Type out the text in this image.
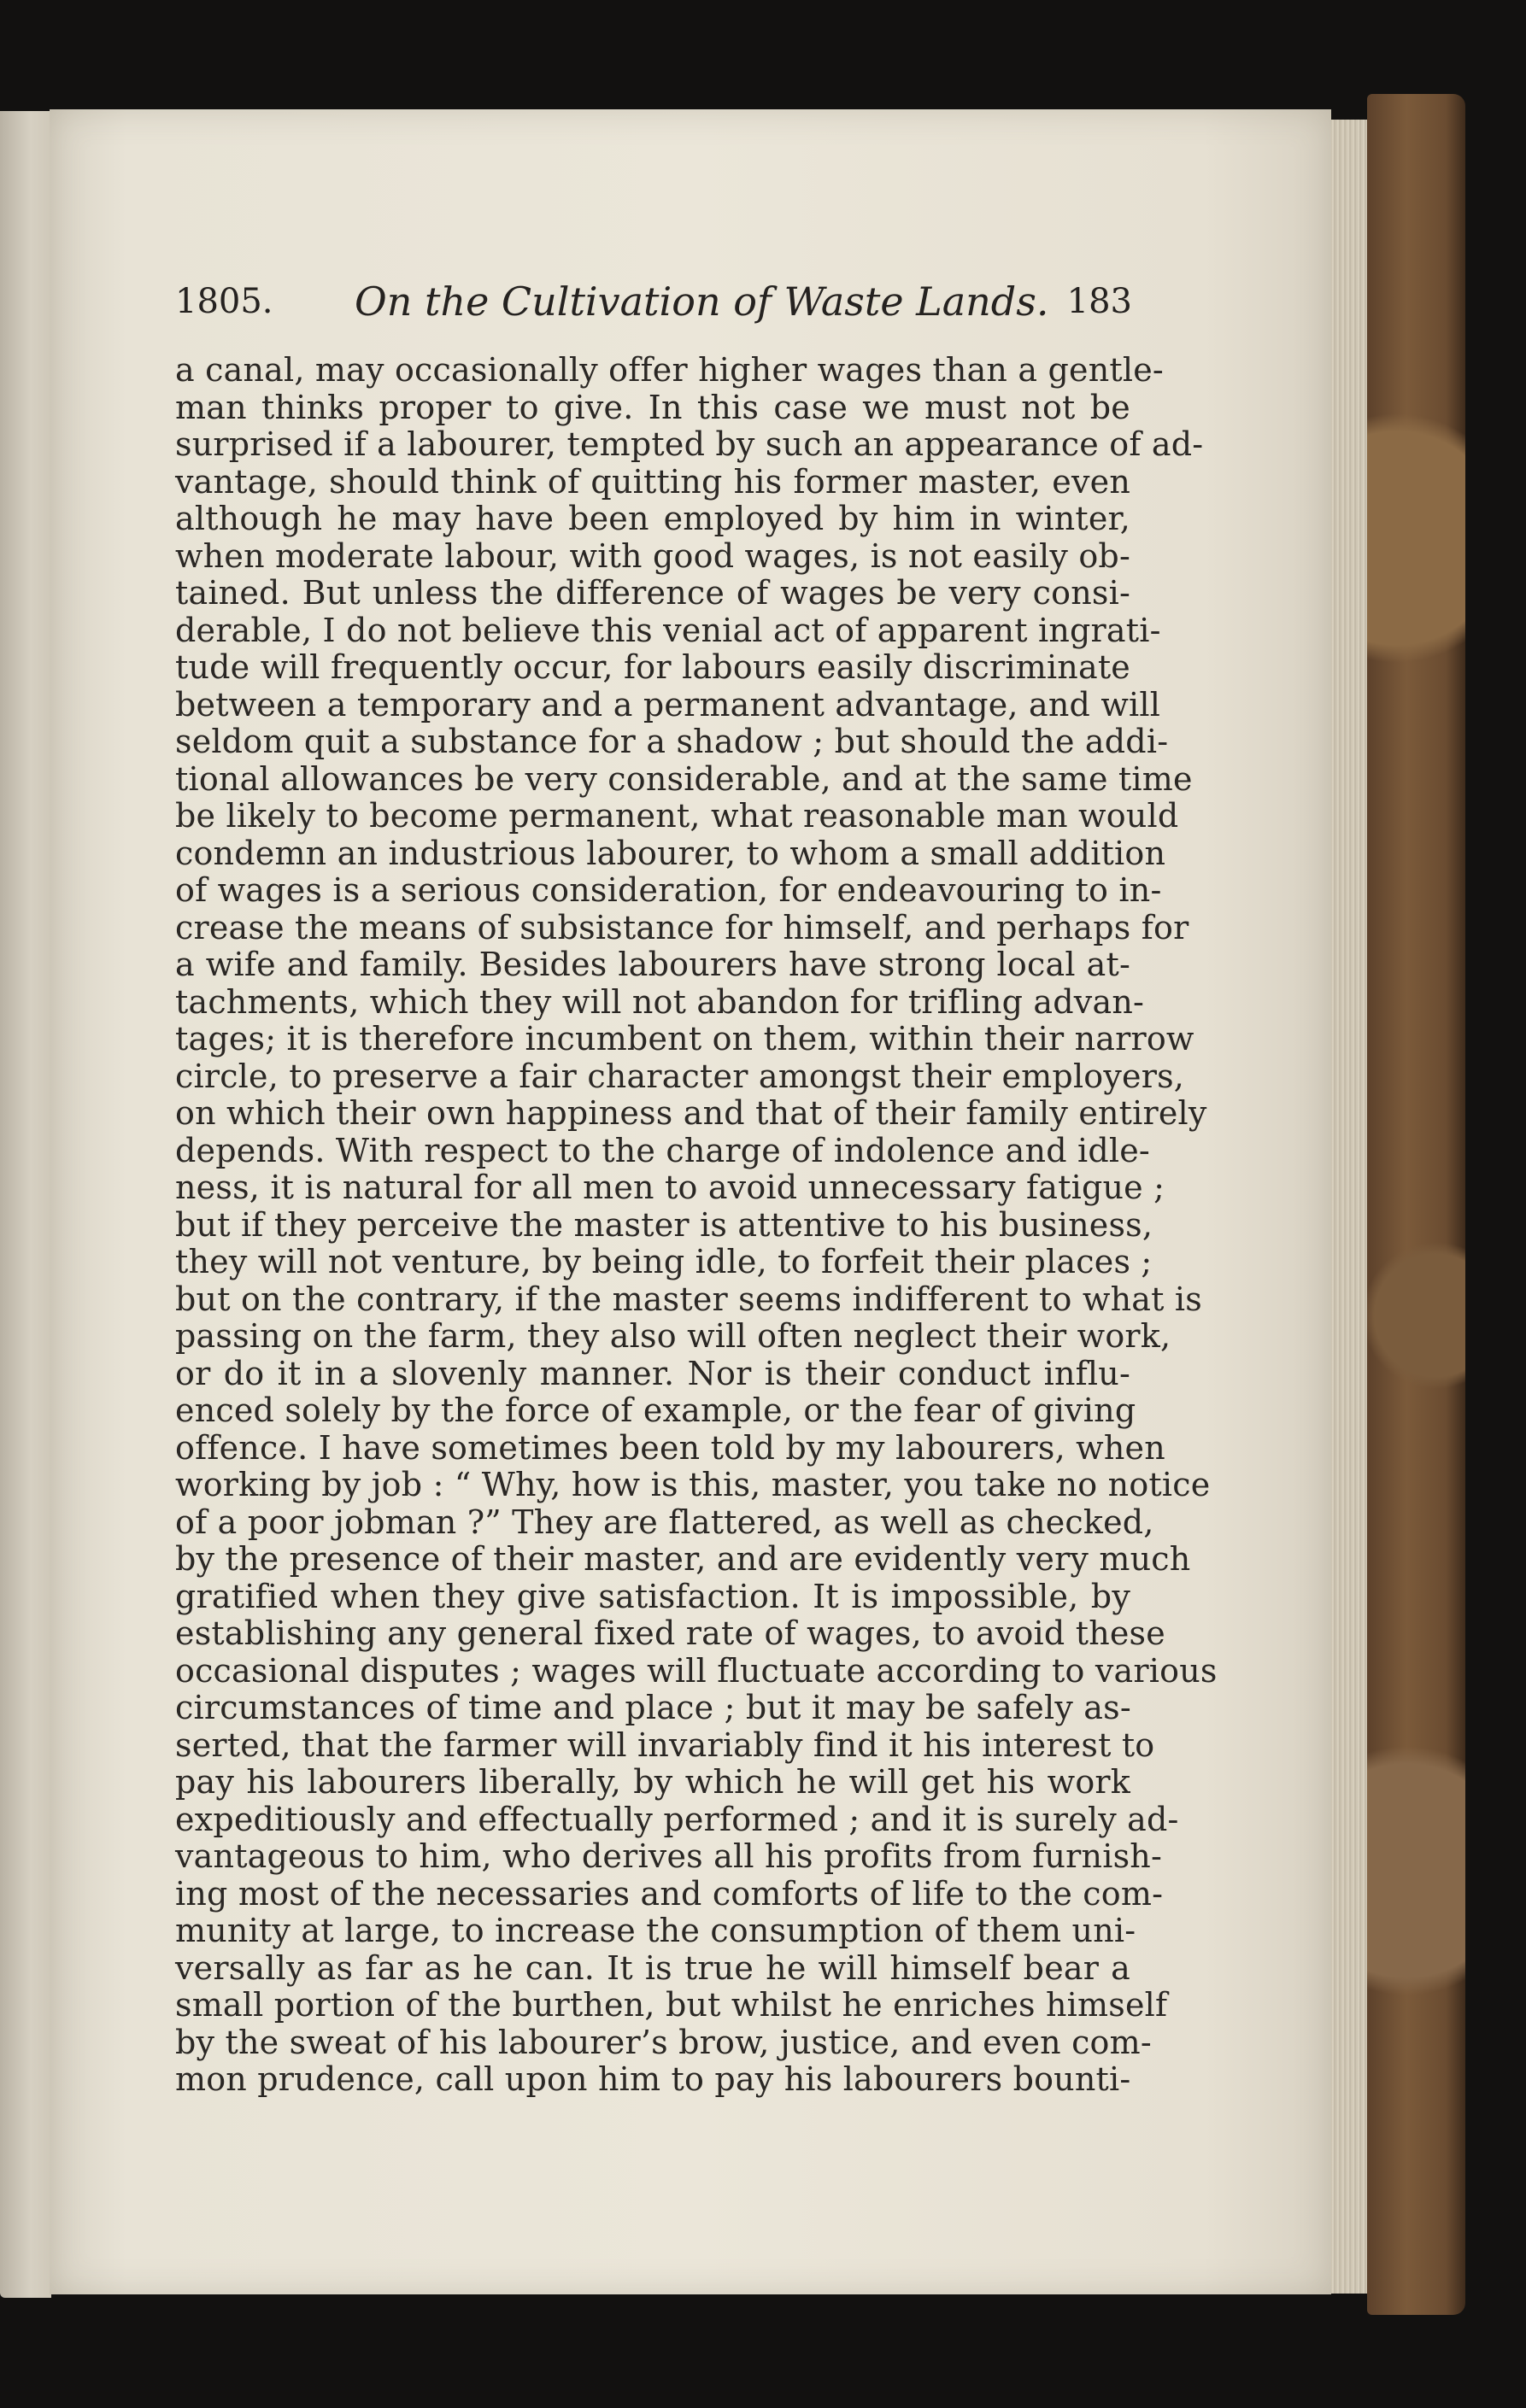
1805. On the Cultivation of Waste Lands. 183
a canal, may occasionally offer higher wages than a gentle-
man thinks proper to give. In this case we must not be
surprised if a labourer, tempted by such an appearance of ad-
vantage, should think of quitting his former master, even
although he may have been employed by him in winter,
when moderate labour, with good wages, is not easily ob-
tained. But unless the difference of wages be very consi-
derable, I do not believe this venial act of apparent ingrati-
tude will frequently occur, for labours easily discriminate
between a temporary and a permanent advantage, and will
seldom quit a substance for a shadow ; but should the addi-
tional allowances be very considerable, and at the same time
be likely to become permanent, what reasonable man would
condemn an industrious labourer, to whom a small addition
of wages is a serious consideration, for endeavouring to in-
crease the means of subsistance for himself, and perhaps for
a wife and family. Besides labourers have strong local at-
tachments, which they will not abandon for trifling advan-
tages; it is therefore incumbent on them, within their narrow
circle, to preserve a fair character amongst their employers,
on which their own happiness and that of their family entirely
depends. With respect to the charge of indolence and idle-
ness, it is natural for all men to avoid unnecessary fatigue ;
but if they perceive the master is attentive to his business,
they will not venture, by being idle, to forfeit their places ;
but on the contrary, if the master seems indifferent to what is
passing on the farm, they also will often neglect their work,
or do it in a slovenly manner. Nor is their conduct influ-
enced solely by the force of example, or the fear of giving
offence. I have sometimes been told by my labourers, when
working by job : “ Why, how is this, master, you take no notice
of a poor jobman ?” They are flattered, as well as checked,
by the presence of their master, and are evidently very much
gratified when they give satisfaction. It is impossible, by
establishing any general fixed rate of wages, to avoid these
occasional disputes ; wages will fluctuate according to various
circumstances of time and place ; but it may be safely as-
serted, that the farmer will invariably find it his interest to
pay his labourers liberally, by which he will get his work
expeditiously and effectually performed ; and it is surely ad-
vantageous to him, who derives all his profits from furnish-
ing most of the necessaries and comforts of life to the com-
munity at large, to increase the consumption of them uni-
versally as far as he can. It is true he will himself bear a
small portion of the burthen, but whilst he enriches himself
by the sweat of his labourer’s brow, justice, and even com-
mon prudence, call upon him to pay his labourers bounti-
